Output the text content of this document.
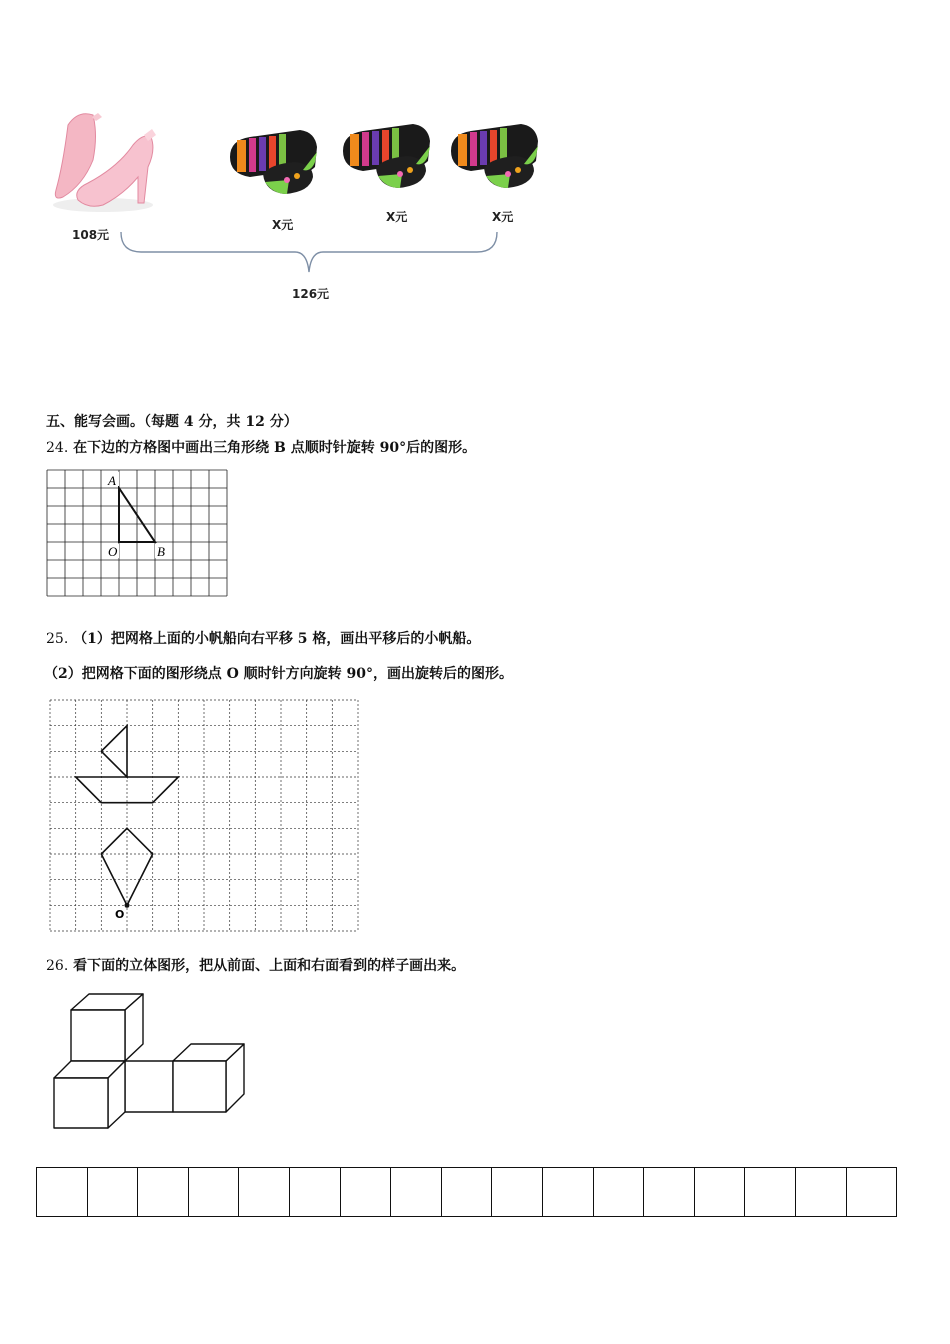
108元
X元
X元	X元
126元
五、能写会画。（每题 4 分，共 12 分）
24. 在下边的方格图中画出三角形绕 B 点顺时针旋转 90°后的图形。
A
O	B
25. （1）把网格上面的小帆船向右平移 5 格，画出平移后的小帆船。
（2）把网格下面的图形绕点 O 顺时针方向旋转 90°，画出旋转后的图形。
O
26. 看下面的立体图形，把从前面、上面和右面看到的样子画出来。
